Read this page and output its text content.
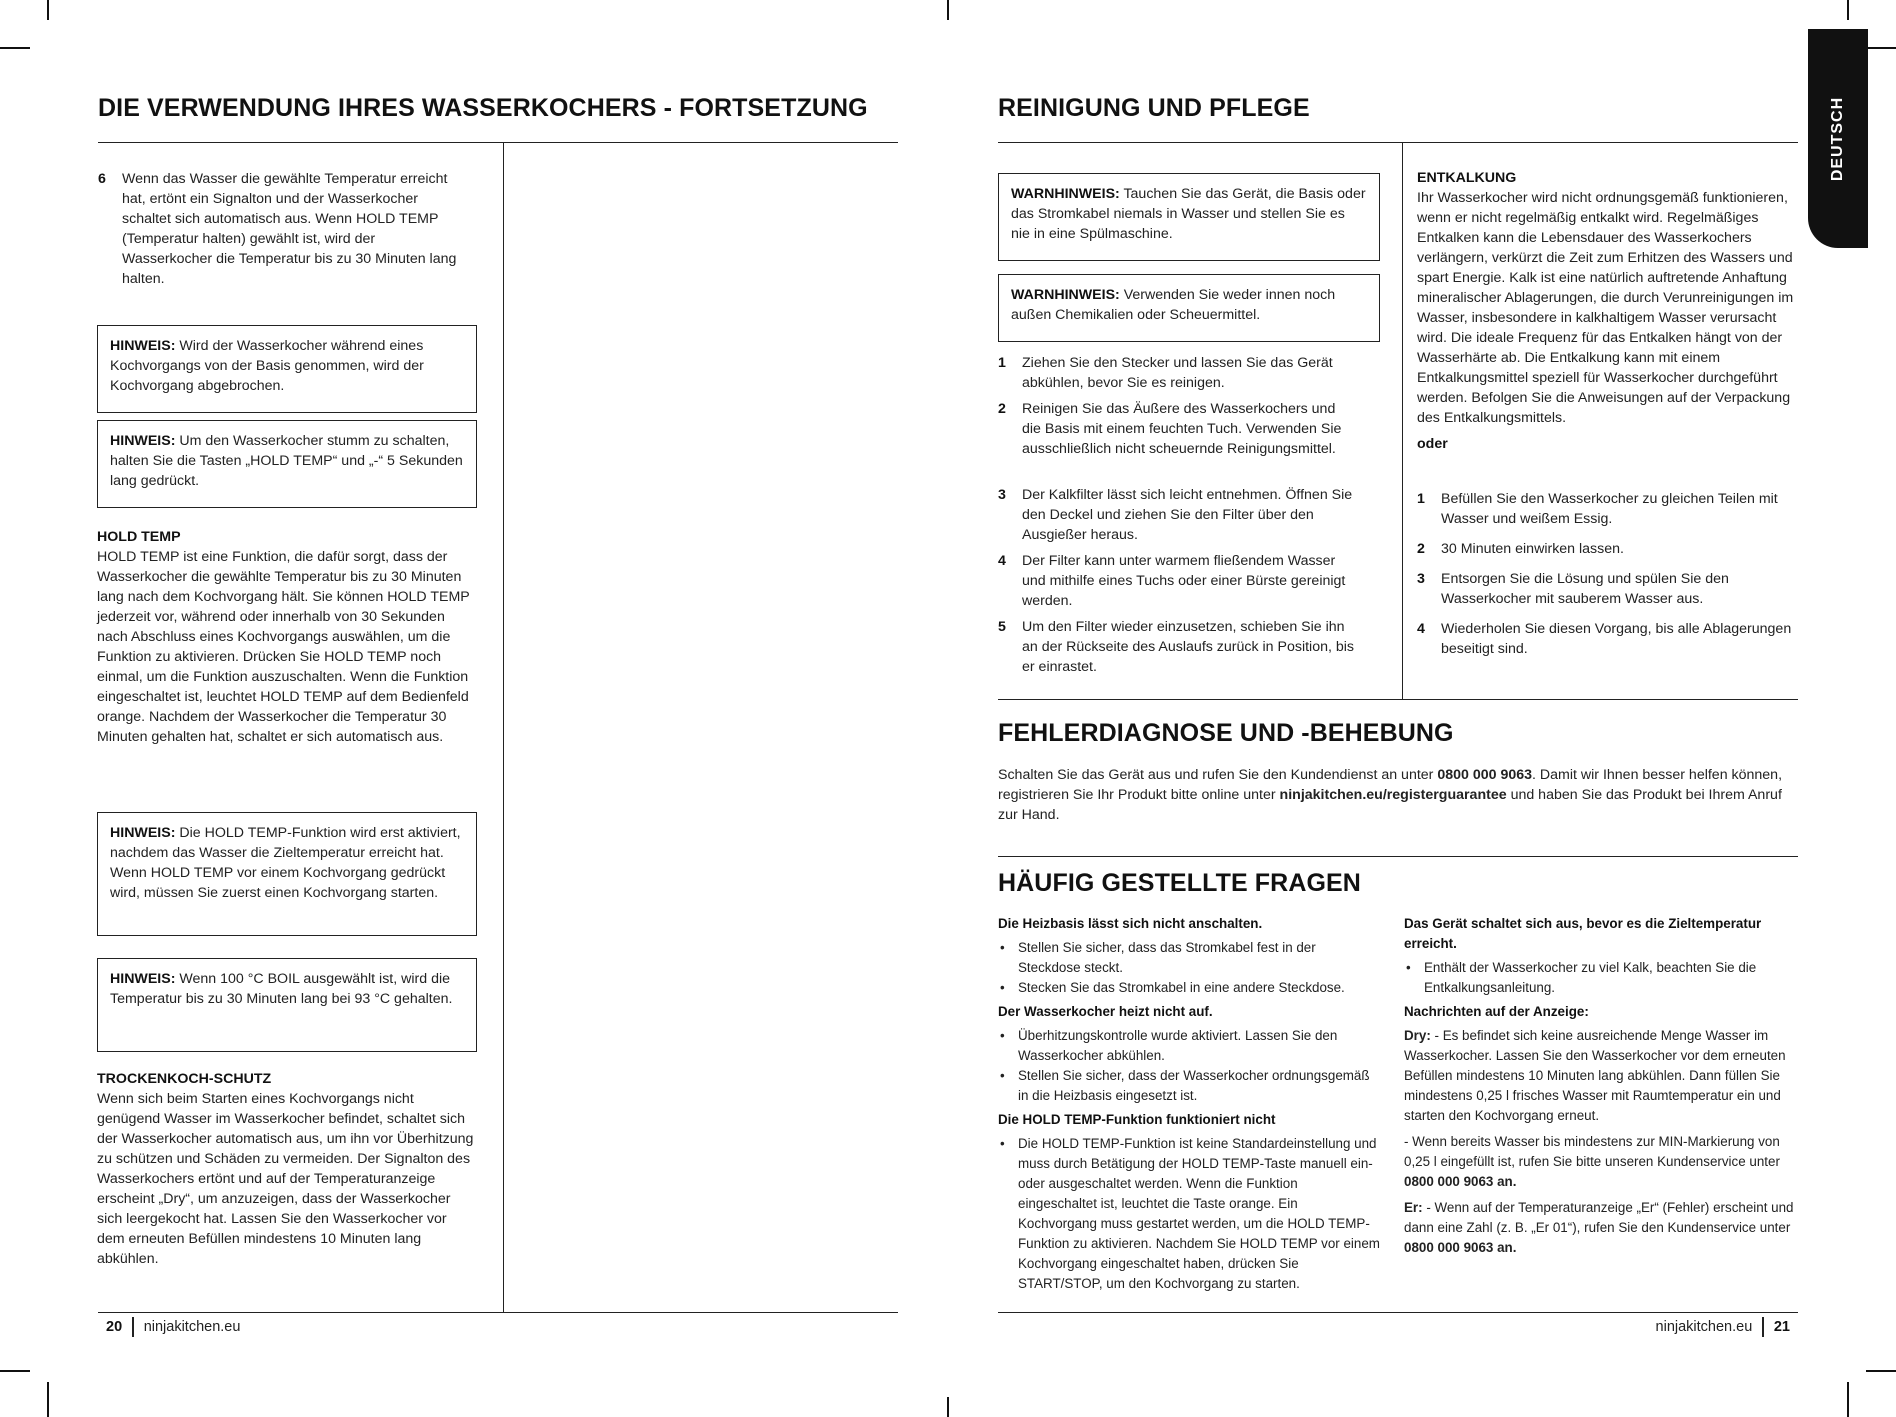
DIE VERWENDUNG IHRES WASSERKOCHERS - FORTSETZUNG
6 Wenn das Wasser die gewählte Temperatur erreicht hat, ertönt ein Signalton und der Wasserkocher schaltet sich automatisch aus. Wenn HOLD TEMP (Temperatur halten) gewählt ist, wird der Wasserkocher die Temperatur bis zu 30 Minuten lang halten.
HINWEIS: Wird der Wasserkocher während eines Kochvorgangs von der Basis genommen, wird der Kochvorgang abgebrochen.
HINWEIS: Um den Wasserkocher stumm zu schalten, halten Sie die Tasten „HOLD TEMP“ und „-“ 5 Sekunden lang gedrückt.
HOLD TEMP
HOLD TEMP ist eine Funktion, die dafür sorgt, dass der Wasserkocher die gewählte Temperatur bis zu 30 Minuten lang nach dem Kochvorgang hält. Sie können HOLD TEMP jederzeit vor, während oder innerhalb von 30 Sekunden nach Abschluss eines Kochvorgangs auswählen, um die Funktion zu aktivieren. Drücken Sie HOLD TEMP noch einmal, um die Funktion auszuschalten. Wenn die Funktion eingeschaltet ist, leuchtet HOLD TEMP auf dem Bedienfeld orange. Nachdem der Wasserkocher die Temperatur 30 Minuten gehalten hat, schaltet er sich automatisch aus.
HINWEIS: Die HOLD TEMP-Funktion wird erst aktiviert, nachdem das Wasser die Zieltemperatur erreicht hat. Wenn HOLD TEMP vor einem Kochvorgang gedrückt wird, müssen Sie zuerst einen Kochvorgang starten.
HINWEIS: Wenn 100 °C BOIL ausgewählt ist, wird die Temperatur bis zu 30 Minuten lang bei 93 °C gehalten.
TROCKENKOCH-SCHUTZ
Wenn sich beim Starten eines Kochvorgangs nicht genügend Wasser im Wasserkocher befindet, schaltet sich der Wasserkocher automatisch aus, um ihn vor Überhitzung zu schützen und Schäden zu vermeiden. Der Signalton des Wasserkochers ertönt und auf der Temperaturanzeige erscheint „Dry“, um anzuzeigen, dass der Wasserkocher sich leergekocht hat. Lassen Sie den Wasserkocher vor dem erneuten Befüllen mindestens 10 Minuten lang abkühlen.
20 ninjakitchen.eu
DEUTSCH
REINIGUNG UND PFLEGE
WARNHINWEIS: Tauchen Sie das Gerät, die Basis oder das Stromkabel niemals in Wasser und stellen Sie es nie in eine Spülmaschine.
WARNHINWEIS: Verwenden Sie weder innen noch außen Chemikalien oder Scheuermittel.
1 Ziehen Sie den Stecker und lassen Sie das Gerät abkühlen, bevor Sie es reinigen.
2 Reinigen Sie das Äußere des Wasserkochers und die Basis mit einem feuchten Tuch. Verwenden Sie ausschließlich nicht scheuernde Reinigungsmittel.
3 Der Kalkfilter lässt sich leicht entnehmen. Öffnen Sie den Deckel und ziehen Sie den Filter über den Ausgießer heraus.
4 Der Filter kann unter warmem fließendem Wasser und mithilfe eines Tuchs oder einer Bürste gereinigt werden.
5 Um den Filter wieder einzusetzen, schieben Sie ihn an der Rückseite des Auslaufs zurück in Position, bis er einrastet.
ENTKALKUNG
Ihr Wasserkocher wird nicht ordnungsgemäß funktionieren, wenn er nicht regelmäßig entkalkt wird. Regelmäßiges Entkalken kann die Lebensdauer des Wasserkochers verlängern, verkürzt die Zeit zum Erhitzen des Wassers und spart Energie. Kalk ist eine natürlich auftretende Anhaftung mineralischer Ablagerungen, die durch Verunreinigungen im Wasser, insbesondere in kalkhaltigem Wasser verursacht wird. Die ideale Frequenz für das Entkalken hängt von der Wasserhärte ab. Die Entkalkung kann mit einem Entkalkungsmittel speziell für Wasserkocher durchgeführt werden. Befolgen Sie die Anweisungen auf der Verpackung des Entkalkungsmittels.
oder
1 Befüllen Sie den Wasserkocher zu gleichen Teilen mit Wasser und weißem Essig.
2 30 Minuten einwirken lassen.
3 Entsorgen Sie die Lösung und spülen Sie den Wasserkocher mit sauberem Wasser aus.
4 Wiederholen Sie diesen Vorgang, bis alle Ablagerungen beseitigt sind.
FEHLERDIAGNOSE UND -BEHEBUNG
Schalten Sie das Gerät aus und rufen Sie den Kundendienst an unter 0800 000 9063. Damit wir Ihnen besser helfen können, registrieren Sie Ihr Produkt bitte online unter ninjakitchen.eu/registerguarantee und haben Sie das Produkt bei Ihrem Anruf zur Hand.
HÄUFIG GESTELLTE FRAGEN
Die Heizbasis lässt sich nicht anschalten.
• Stellen Sie sicher, dass das Stromkabel fest in der Steckdose steckt.
• Stecken Sie das Stromkabel in eine andere Steckdose.
Der Wasserkocher heizt nicht auf.
• Überhitzungskontrolle wurde aktiviert. Lassen Sie den Wasserkocher abkühlen.
• Stellen Sie sicher, dass der Wasserkocher ordnungsgemäß in die Heizbasis eingesetzt ist.
Die HOLD TEMP-Funktion funktioniert nicht
• Die HOLD TEMP-Funktion ist keine Standardeinstellung und muss durch Betätigung der HOLD TEMP-Taste manuell ein- oder ausgeschaltet werden. Wenn die Funktion eingeschaltet ist, leuchtet die Taste orange. Ein Kochvorgang muss gestartet werden, um die HOLD TEMP-Funktion zu aktivieren. Nachdem Sie HOLD TEMP vor einem Kochvorgang eingeschaltet haben, drücken Sie START/STOP, um den Kochvorgang zu starten.
Das Gerät schaltet sich aus, bevor es die Zieltemperatur erreicht.
• Enthält der Wasserkocher zu viel Kalk, beachten Sie die Entkalkungsanleitung.
Nachrichten auf der Anzeige:

Dry: - Es befindet sich keine ausreichende Menge Wasser im Wasserkocher. Lassen Sie den Wasserkocher vor dem erneuten Befüllen mindestens 10 Minuten lang abkühlen. Dann füllen Sie mindestens 0,25 l frisches Wasser mit Raumtemperatur ein und starten den Kochvorgang erneut.

- Wenn bereits Wasser bis mindestens zur MIN-Markierung von 0,25 l eingefüllt ist, rufen Sie bitte unseren Kundenservice unter 0800 000 9063 an.

Er: - Wenn auf der Temperaturanzeige „Er“ (Fehler) erscheint und dann eine Zahl (z. B. „Er 01“), rufen Sie den Kundenservice unter 0800 000 9063 an.

ninjakitchen.eu 21
